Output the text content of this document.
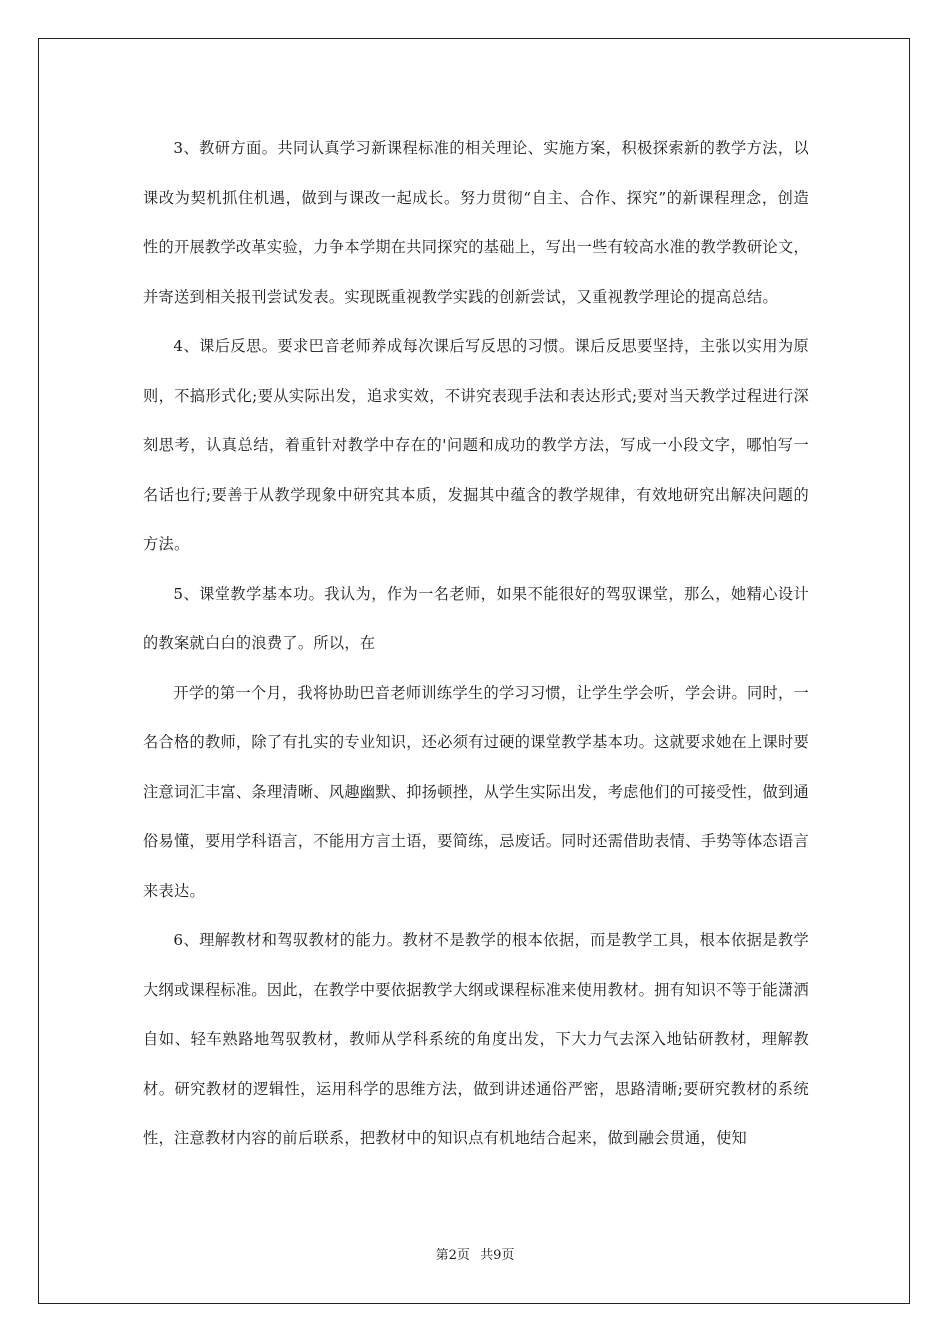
3、教研方面。共同认真学习新课程标准的相关理论、实施方案，积极探索新的教学方法，以课改为契机抓住机遇，做到与课改一起成长。努力贯彻“自主、合作、探究”的新课程理念，创造性的开展教学改革实验，力争本学期在共同探究的基础上，写出一些有较高水准的教学教研论文，并寄送到相关报刊尝试发表。实现既重视教学实践的创新尝试，又重视教学理论的提高总结。

4、课后反思。要求巴音老师养成每次课后写反思的习惯。课后反思要坚持，主张以实用为原则，不搞形式化;要从实际出发，追求实效，不讲究表现手法和表达形式;要对当天教学过程进行深刻思考，认真总结，着重针对教学中存在的'问题和成功的教学方法，写成一小段文字，哪怕写一名话也行;要善于从教学现象中研究其本质，发掘其中蕴含的教学规律，有效地研究出解决问题的方法。

5、课堂教学基本功。我认为，作为一名老师，如果不能很好的驾驭课堂，那么，她精心设计的教案就白白的浪费了。所以，在

开学的第一个月，我将协助巴音老师训练学生的学习习惯，让学生学会听，学会讲。同时，一名合格的教师，除了有扎实的专业知识，还必须有过硬的课堂教学基本功。这就要求她在上课时要注意词汇丰富、条理清晰、风趣幽默、抑扬顿挫，从学生实际出发，考虑他们的可接受性，做到通俗易懂，要用学科语言，不能用方言土语，要简练，忌废话。同时还需借助表情、手势等体态语言来表达。

6、理解教材和驾驭教材的能力。教材不是教学的根本依据，而是教学工具，根本依据是教学大纲或课程标准。因此，在教学中要依据教学大纲或课程标准来使用教材。拥有知识不等于能潇洒自如、轻车熟路地驾驭教材，教师从学科系统的角度出发，下大力气去深入地钻研教材，理解教材。研究教材的逻辑性，运用科学的思维方法，做到讲述通俗严密，思路清晰;要研究教材的系统性，注意教材内容的前后联系，把教材中的知识点有机地结合起来，做到融会贯通，使知

第2页 共9页
